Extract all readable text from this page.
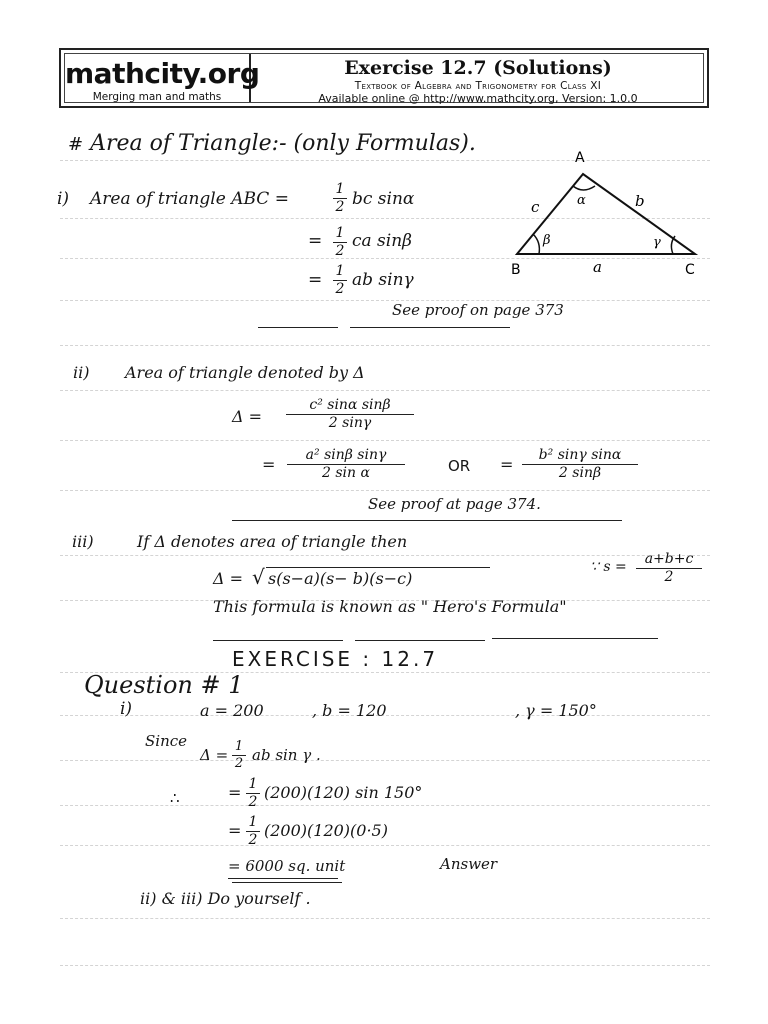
mathcity.org
Merging man and maths
Exercise 12.7 (Solutions)
Textbook of Algebra and Trigonometry for Class XI
Available online @ http://www.mathcity.org, Version: 1.0.0
# Area of Triangle:- (only Formulas).
A
B	C
a
b
c	α
β	γ
i) Area of triangle ABC =	1
2 bc sinα
= 1
2
ca sinβ
= 1
2 ab sinγ
See proof on page 373
ii) Area of triangle denoted by Δ
Δ =
c² sinα sinβ
2 sinγ
=	a² sinβ sinγ
2 sin α	OR =	b² sinγ sinα
2 sinβ
See proof at page 374.
iii)	If Δ denotes area of triangle then
Δ = √ s(s−a)(s− b)(s−c)
∵ s =	a+b+c
2
This formula is known as " Hero's Formula"
EXERCISE : 12.7
Question # 1
i)	a = 200	, b = 120	, γ = 150°
Since
Δ = 1
2 ab sin γ .
∴	= 1
2
(200)(120) sin 150°
= 1
2
(200)(120)(0·5)
= 6000 sq. unit	Answer
ii) & iii) Do yourself .
